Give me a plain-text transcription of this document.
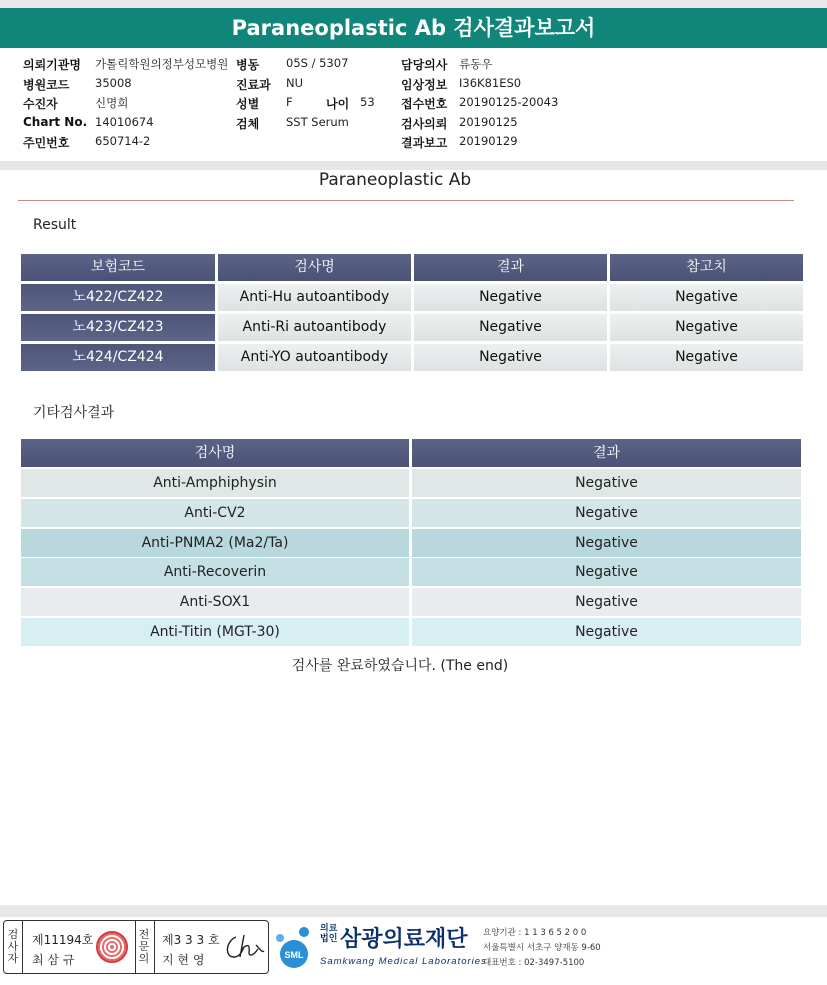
Paraneoplastic Ab 검사결과보고서
의뢰기관명 가톨릭학원의정부성모병원 병동 05S / 5307	담당의사 류동우
병원코드 35008	진료과 NU	임상정보 I36K81ES0
수진자	신명희	성별 F	나이 53 접수번호 20190125-20043
Chart No. 14010674	검체 SST Serum	검사의뢰 20190125
주민번호 650714-2	결과보고 20190129
Paraneoplastic Ab
Result
보험코드	검사명	결과	참고치
노422/CZ422	Anti-Hu autoantibody	Negative	Negative
노423/CZ423	Anti-Ri autoantibody	Negative	Negative
노424/CZ424	Anti-YO autoantibody	Negative	Negative
기타검사결과
검사명	결과
Anti-Amphiphysin	Negative
Anti-CV2	Negative
Anti-PNMA2 (Ma2/Ta)	Negative
Anti-Recoverin	Negative
Anti-SOX1	Negative
Anti-Titin (MGT-30)	Negative
검사를 완료하였습니다. (The end)
검
사
자
제11194호
최 삼 규
전
문
의
제3 3 3 호
지 현 영	SML
의료법인 삼광의료재단
Samkwang Medical Laboratories
요양기관 : 1 1 3 6 5 2 0 0
서울특별시 서초구 양재동 9-60
대표번호 : 02-3497-5100
